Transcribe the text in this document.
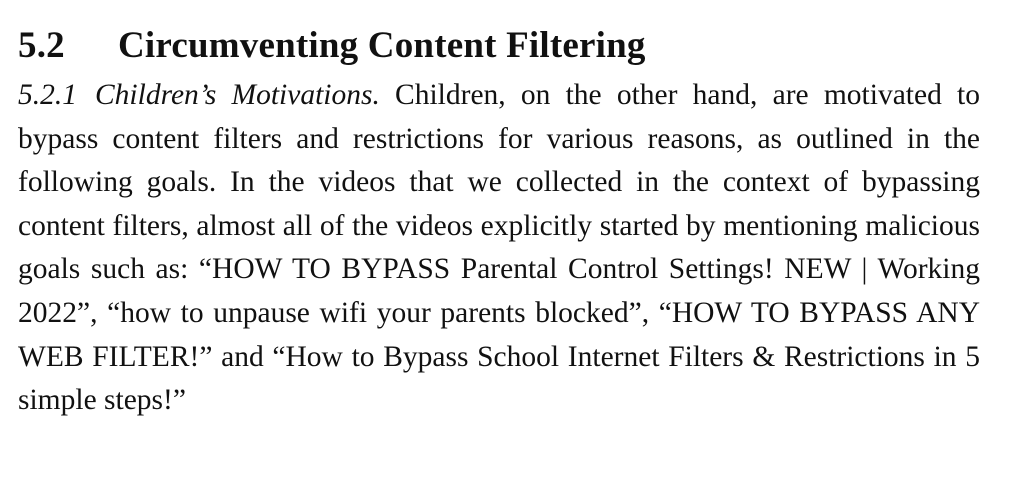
5.2	Circumventing Content Filtering

5.2.1 Children’s Motivations. Children, on the other hand, are motivated to bypass content filters and restrictions for various reasons, as outlined in the following goals. In the videos that we collected in the context of bypassing content filters, almost all of the videos explicitly started by mentioning malicious goals such as: “HOW TO BYPASS Parental Control Settings! NEW | Working 2022”, “how to unpause wifi your parents blocked”, “HOW TO BYPASS ANY WEB FILTER!” and “How to Bypass School Internet Filters & Restrictions in 5 simple steps!”
